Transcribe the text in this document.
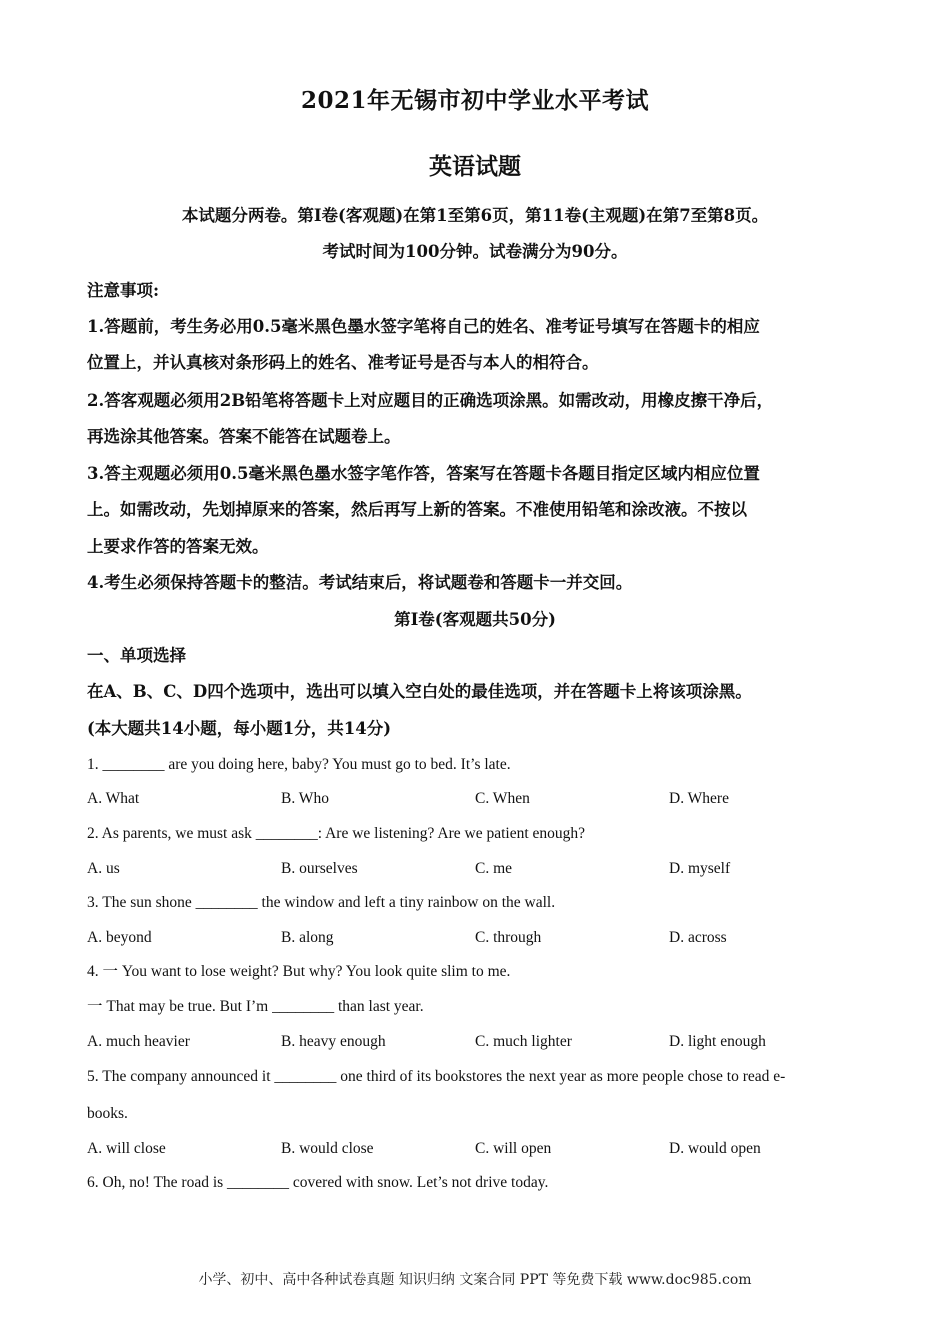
2021年无锡市初中学业水平考试
英语试题
本试题分两卷。第I卷(客观题)在第1至第6页，第11卷(主观题)在第7至第8页。
考试时间为100分钟。试卷满分为90分。
注意事项:
1.答题前，考生务必用0.5毫米黑色墨水签字笔将自己的姓名、准考证号填写在答题卡的相应
位置上，并认真核对条形码上的姓名、准考证号是否与本人的相符合。
2.答客观题必须用2B铅笔将答题卡上对应题目的正确选项涂黑。如需改动，用橡皮擦干净后，
再选涂其他答案。答案不能答在试题卷上。
3.答主观题必须用0.5毫米黑色墨水签字笔作答，答案写在答题卡各题目指定区域内相应位置
上。如需改动，先划掉原来的答案，然后再写上新的答案。不准使用铅笔和涂改液。不按以
上要求作答的答案无效。
4.考生必须保持答题卡的整洁。考试结束后，将试题卷和答题卡一并交回。
第I卷(客观题共50分)
一、单项选择
在A、B、C、D四个选项中，选出可以填入空白处的最佳选项，并在答题卡上将该项涂黑。
(本大题共14小题，每小题1分，共14分)
1. ________ are you doing here, baby? You must go to bed. It’s late.
A. What	B. Who	C. When	D. Where
2. As parents, we must ask ________: Are we listening? Are we patient enough?
A. us	B. ourselves	C. me	D. myself
3. The sun shone ________ the window and left a tiny rainbow on the wall.
A. beyond	B. along	C. through	D. across
4. 一 You want to lose weight? But why? You look quite slim to me.
一 That may be true. But I’m ________ than last year.
A. much heavier	B. heavy enough	C. much lighter	D. light enough
5. The company announced it ________ one third of its bookstores the next year as more people chose to read e-
books.
A. will close	B. would close	C. will open	D. would open
6. Oh, no! The road is ________ covered with snow. Let’s not drive today.
小学、初中、高中各种试卷真题 知识归纳 文案合同 PPT 等免费下载 www.doc985.com
